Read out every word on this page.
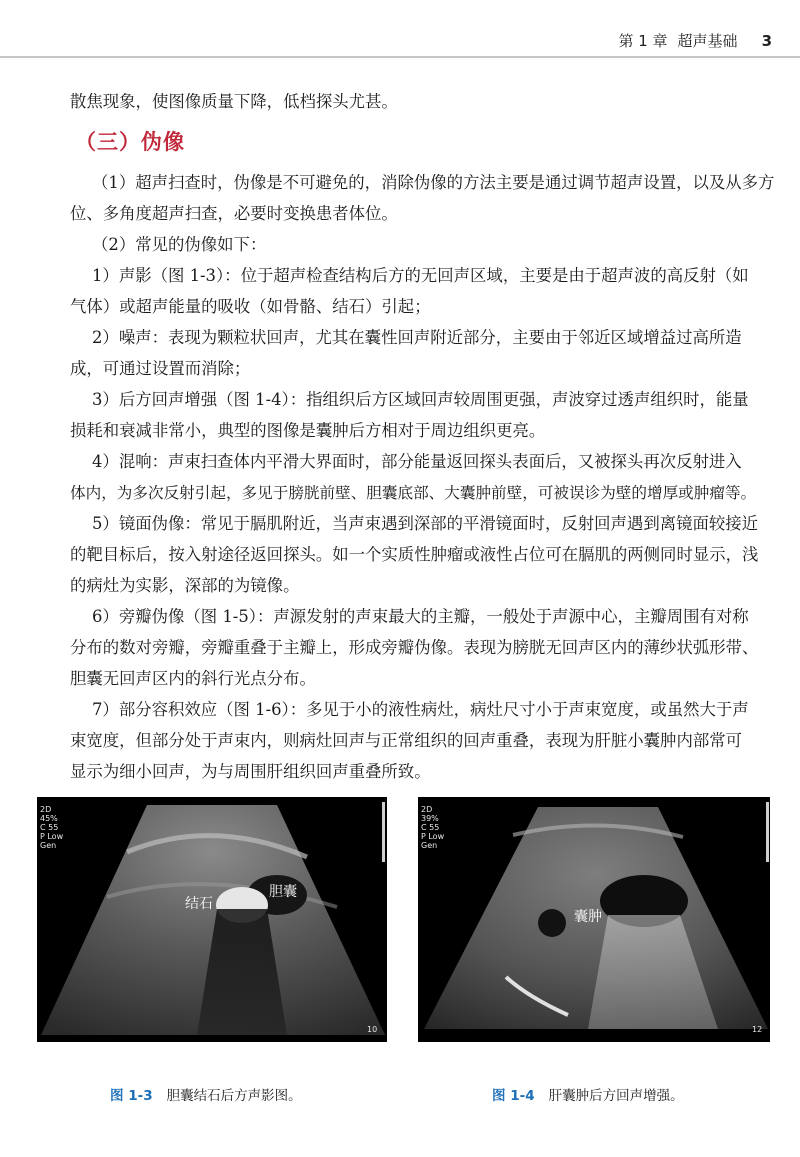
第 1 章 超声基础 3

散焦现象，使图像质量下降，低档探头尤甚。

（三）伪像

（1）超声扫查时，伪像是不可避免的，消除伪像的方法主要是通过调节超声设置，以及从多方

位、多角度超声扫查，必要时变换患者体位。

（2）常见的伪像如下：

1）声影（图 1-3）：位于超声检查结构后方的无回声区域，主要是由于超声波的高反射（如

气体）或超声能量的吸收（如骨骼、结石）引起；

2）噪声：表现为颗粒状回声，尤其在囊性回声附近部分，主要由于邻近区域增益过高所造

成，可通过设置而消除；

3）后方回声增强（图 1-4）：指组织后方区域回声较周围更强，声波穿过透声组织时，能量

损耗和衰减非常小，典型的图像是囊肿后方相对于周边组织更亮。

4）混响：声束扫查体内平滑大界面时，部分能量返回探头表面后，又被探头再次反射进入

体内，为多次反射引起，多见于膀胱前壁、胆囊底部、大囊肿前壁，可被误诊为壁的增厚或肿瘤等。

5）镜面伪像：常见于膈肌附近，当声束遇到深部的平滑镜面时，反射回声遇到离镜面较接近

的靶目标后，按入射途径返回探头。如一个实质性肿瘤或液性占位可在膈肌的两侧同时显示，浅

的病灶为实影，深部的为镜像。

6）旁瓣伪像（图 1-5）：声源发射的声束最大的主瓣，一般处于声源中心，主瓣周围有对称

分布的数对旁瓣，旁瓣重叠于主瓣上，形成旁瓣伪像。表现为膀胱无回声区内的薄纱状弧形带、

胆囊无回声区内的斜行光点分布。

7）部分容积效应（图 1-6）：多见于小的液性病灶，病灶尺寸小于声束宽度，或虽然大于声

束宽度，但部分处于声束内，则病灶回声与正常组织的回声重叠，表现为肝脏小囊肿内部常可

显示为细小回声，为与周围肝组织回声重叠所致。

2D
45%
C 55
P Low
Gen
结石
胆囊
10
2D
39%
C 55
P Low
Gen
囊肿
12

图 1-3 胆囊结石后方声影图。	图 1-4 肝囊肿后方回声增强。
